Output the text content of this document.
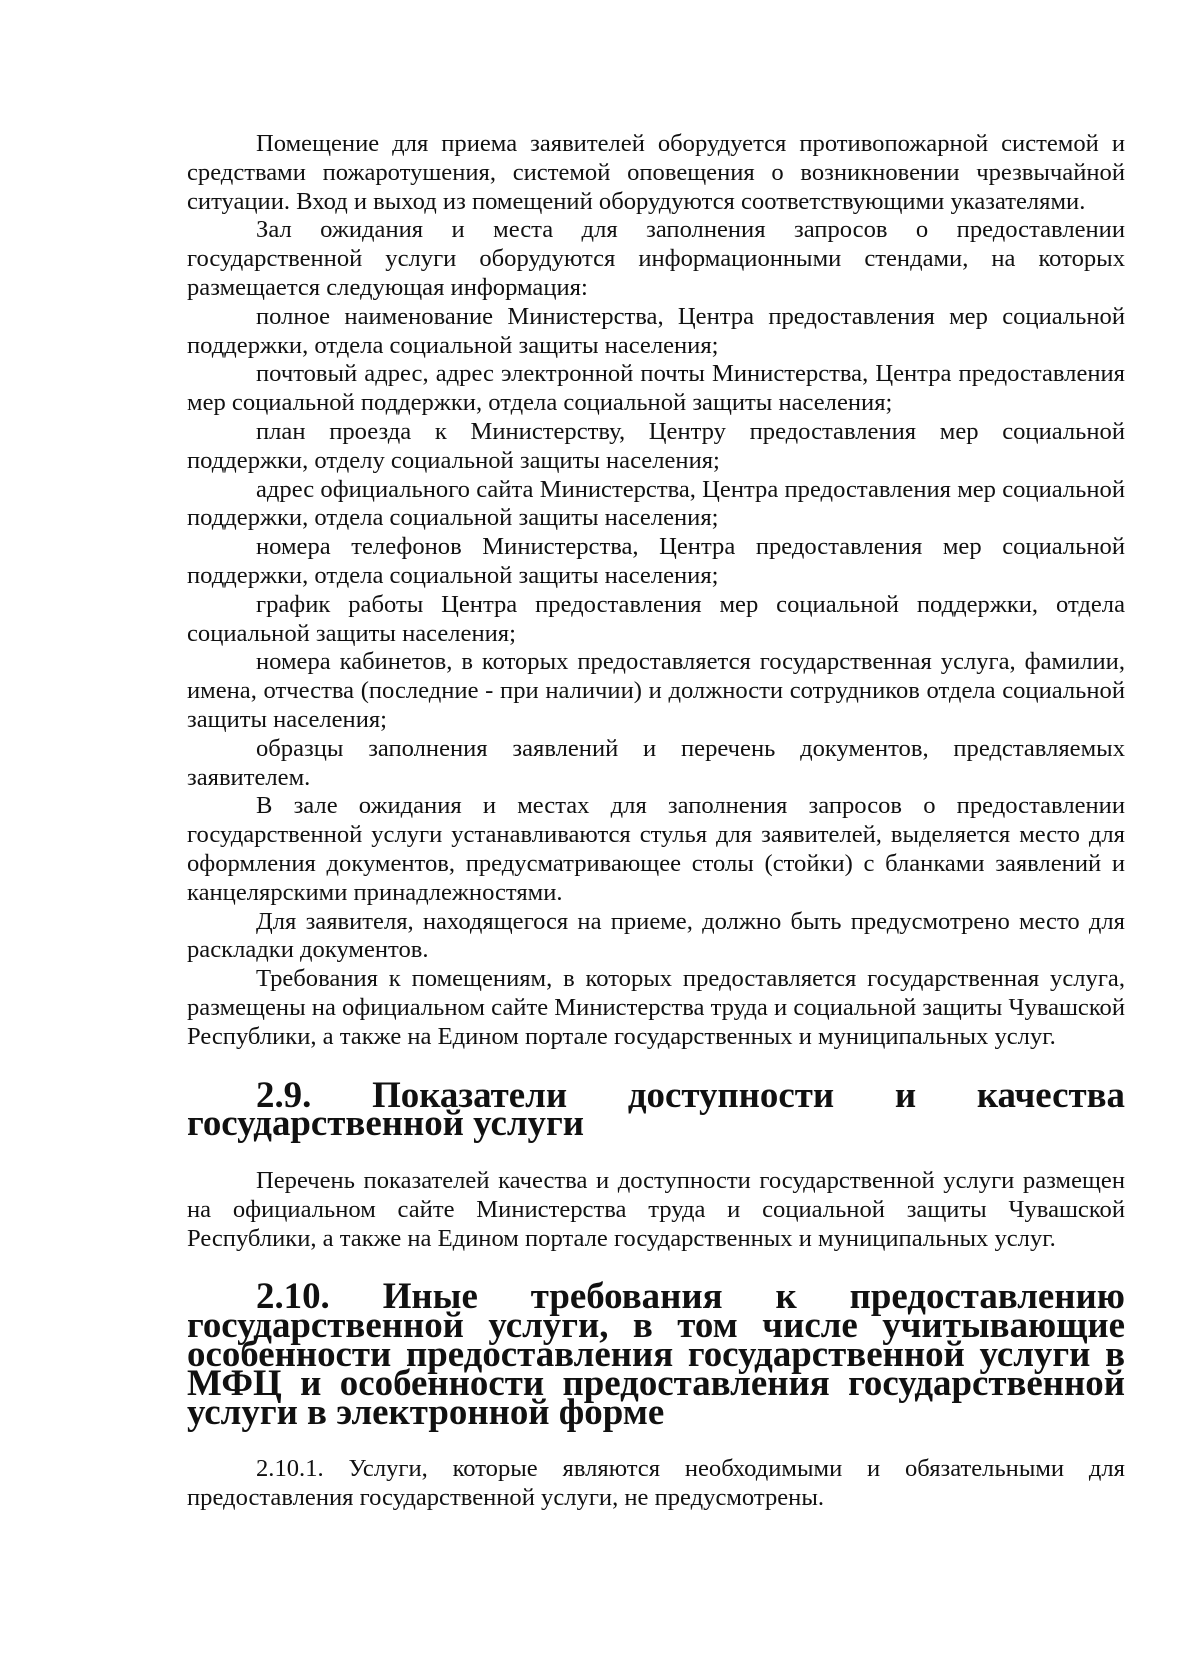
Помещение для приема заявителей оборудуется противопожарной системой и средствами пожаротушения, системой оповещения о возникновении чрезвычайной ситуации. Вход и выход из помещений оборудуются соответствующими указателями.

Зал ожидания и места для заполнения запросов о предоставлении государственной услуги оборудуются информационными стендами, на которых размещается следующая информация:

полное наименование Министерства, Центра предоставления мер социальной поддержки, отдела социальной защиты населения;

почтовый адрес, адрес электронной почты Министерства, Центра предоставления мер социальной поддержки, отдела социальной защиты населения;

план проезда к Министерству, Центру предоставления мер социальной поддержки, отделу социальной защиты населения;

адрес официального сайта Министерства, Центра предоставления мер социальной поддержки, отдела социальной защиты населения;

номера телефонов Министерства, Центра предоставления мер социальной поддержки, отдела социальной защиты населения;

график работы Центра предоставления мер социальной поддержки, отдела социальной защиты населения;

номера кабинетов, в которых предоставляется государственная услуга, фамилии, имена, отчества (последние - при наличии) и должности сотрудников отдела социальной защиты населения;

образцы заполнения заявлений и перечень документов, представляемых заявителем.

В зале ожидания и местах для заполнения запросов о предоставлении государственной услуги устанавливаются стулья для заявителей, выделяется место для оформления документов, предусматривающее столы (стойки) с бланками заявлений и канцелярскими принадлежностями.

Для заявителя, находящегося на приеме, должно быть предусмотрено место для раскладки документов.

Требования к помещениям, в которых предоставляется государственная услуга, размещены на официальном сайте Министерства труда и социальной защиты Чувашской Республики, а также на Едином портале государственных и муниципальных услуг.

2.9. Показатели доступности и качества государственной услуги

Перечень показателей качества и доступности государственной услуги размещен на официальном сайте Министерства труда и социальной защиты Чувашской Республики, а также на Едином портале государственных и муниципальных услуг.

2.10. Иные требования к предоставлению государственной услуги, в том числе учитывающие особенности предоставления государственной услуги в МФЦ и особенности предоставления государственной услуги в электронной форме

2.10.1. Услуги, которые являются необходимыми и обязательными для предоставления государственной услуги, не предусмотрены.
